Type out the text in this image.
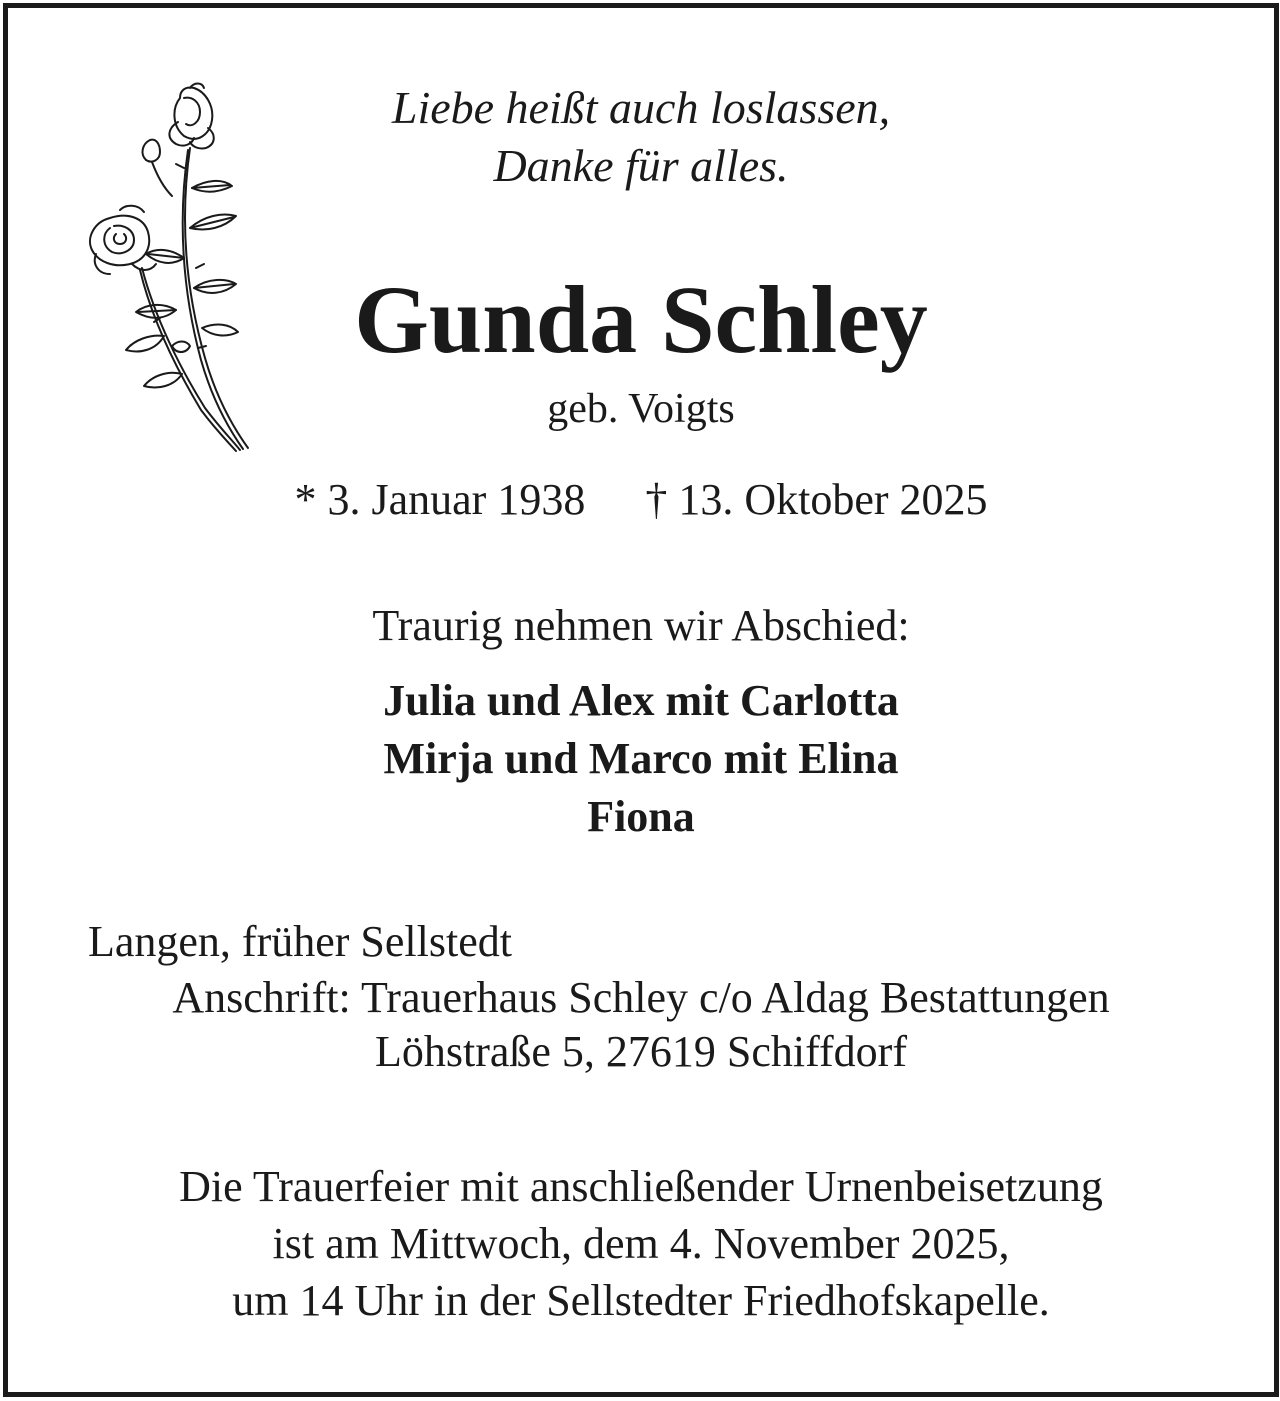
Liebe heißt auch loslassen,
Danke für alles.
Gunda Schley
geb. Voigts
* 3. Januar 1938 † 13. Oktober 2025
Traurig nehmen wir Abschied:
Julia und Alex mit Carlotta
Mirja und Marco mit Elina
Fiona
Langen, früher Sellstedt
Anschrift: Trauerhaus Schley c/o Aldag Bestattungen
Löhstraße 5, 27619 Schiffdorf
Die Trauerfeier mit anschließender Urnenbeisetzung
ist am Mittwoch, dem 4. November 2025,
um 14 Uhr in der Sellstedter Friedhofskapelle.
